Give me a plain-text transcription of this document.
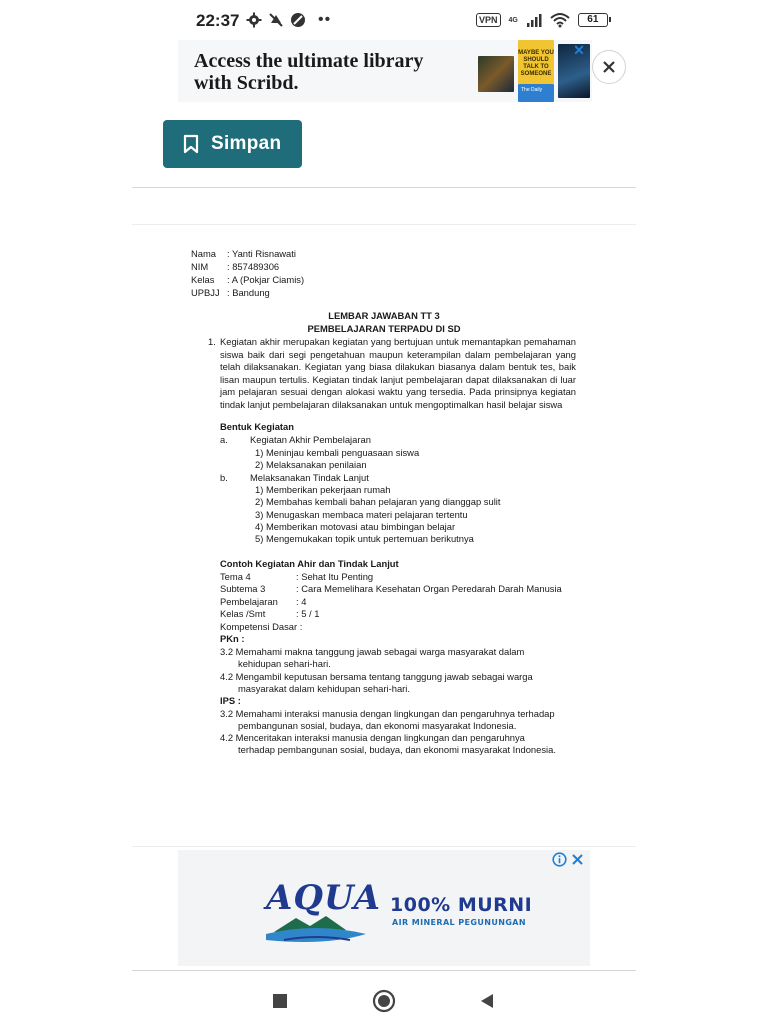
22:37	••	VPN	4G	61
Access the ultimate library with Scribd.
MAYBE YOU SHOULD TALK TO SOMEONE
The Daily
✕
Simpan
Nama	: Yanti Risnawati
NIM	: 857489306
Kelas	: A (Pokjar Ciamis)
UPBJJ : Bandung
LEMBAR JAWABAN TT 3
PEMBELAJARAN TERPADU DI SD
1. Kegiatan akhir merupakan kegiatan yang bertujuan untuk memantapkan pemahaman siswa baik dari segi pengetahuan maupun keterampilan dalam pembelajaran yang telah dilaksanakan. Kegiatan yang biasa dilakukan biasanya dalam bentuk tes, baik lisan maupun tertulis. Kegiatan tindak lanjut pembelajaran dapat dilaksanakan di luar jam pelajaran sesuai dengan alokasi waktu yang tersedia. Pada prinsipnya kegiatan tindak lanjut pembelajaran dilaksanakan untuk mengoptimalkan hasil belajar siswa
Bentuk Kegiatan
a. Kegiatan Akhir Pembelajaran
1) Meninjau kembali penguasaan siswa
2) Melaksanakan penilaian
b. Melaksanakan Tindak Lanjut
1) Memberikan pekerjaan rumah
2) Membahas kembali bahan pelajaran yang dianggap sulit
3) Menugaskan membaca materi pelajaran tertentu
4) Memberikan motovasi atau bimbingan belajar
5) Mengemukakan topik untuk pertemuan berikutnya
Contoh Kegiatan Ahir dan Tindak Lanjut
Tema 4	: Sehat Itu Penting
Subtema 3	: Cara Memelihara Kesehatan Organ Peredarah Darah Manusia
Pembelajaran : 4
Kelas /Smt	: 5 / 1
Kompetensi Dasar :
PKn :
3.2 Memahami makna tanggung jawab sebagai warga masyarakat dalam
kehidupan sehari-hari.
4.2 Mengambil keputusan bersama tentang tanggung jawab sebagai warga
masyarakat dalam kehidupan sehari-hari.
IPS :
3.2 Memahami interaksi manusia dengan lingkungan dan pengaruhnya terhadap
pembangunan sosial, budaya, dan ekonomi masyarakat Indonesia.
4.2 Menceritakan interaksi manusia dengan lingkungan dan pengaruhnya
terhadap pembangunan sosial, budaya, dan ekonomi masyarakat Indonesia.
AQUA 100% MURNI
AIR MINERAL PEGUNUNGAN
